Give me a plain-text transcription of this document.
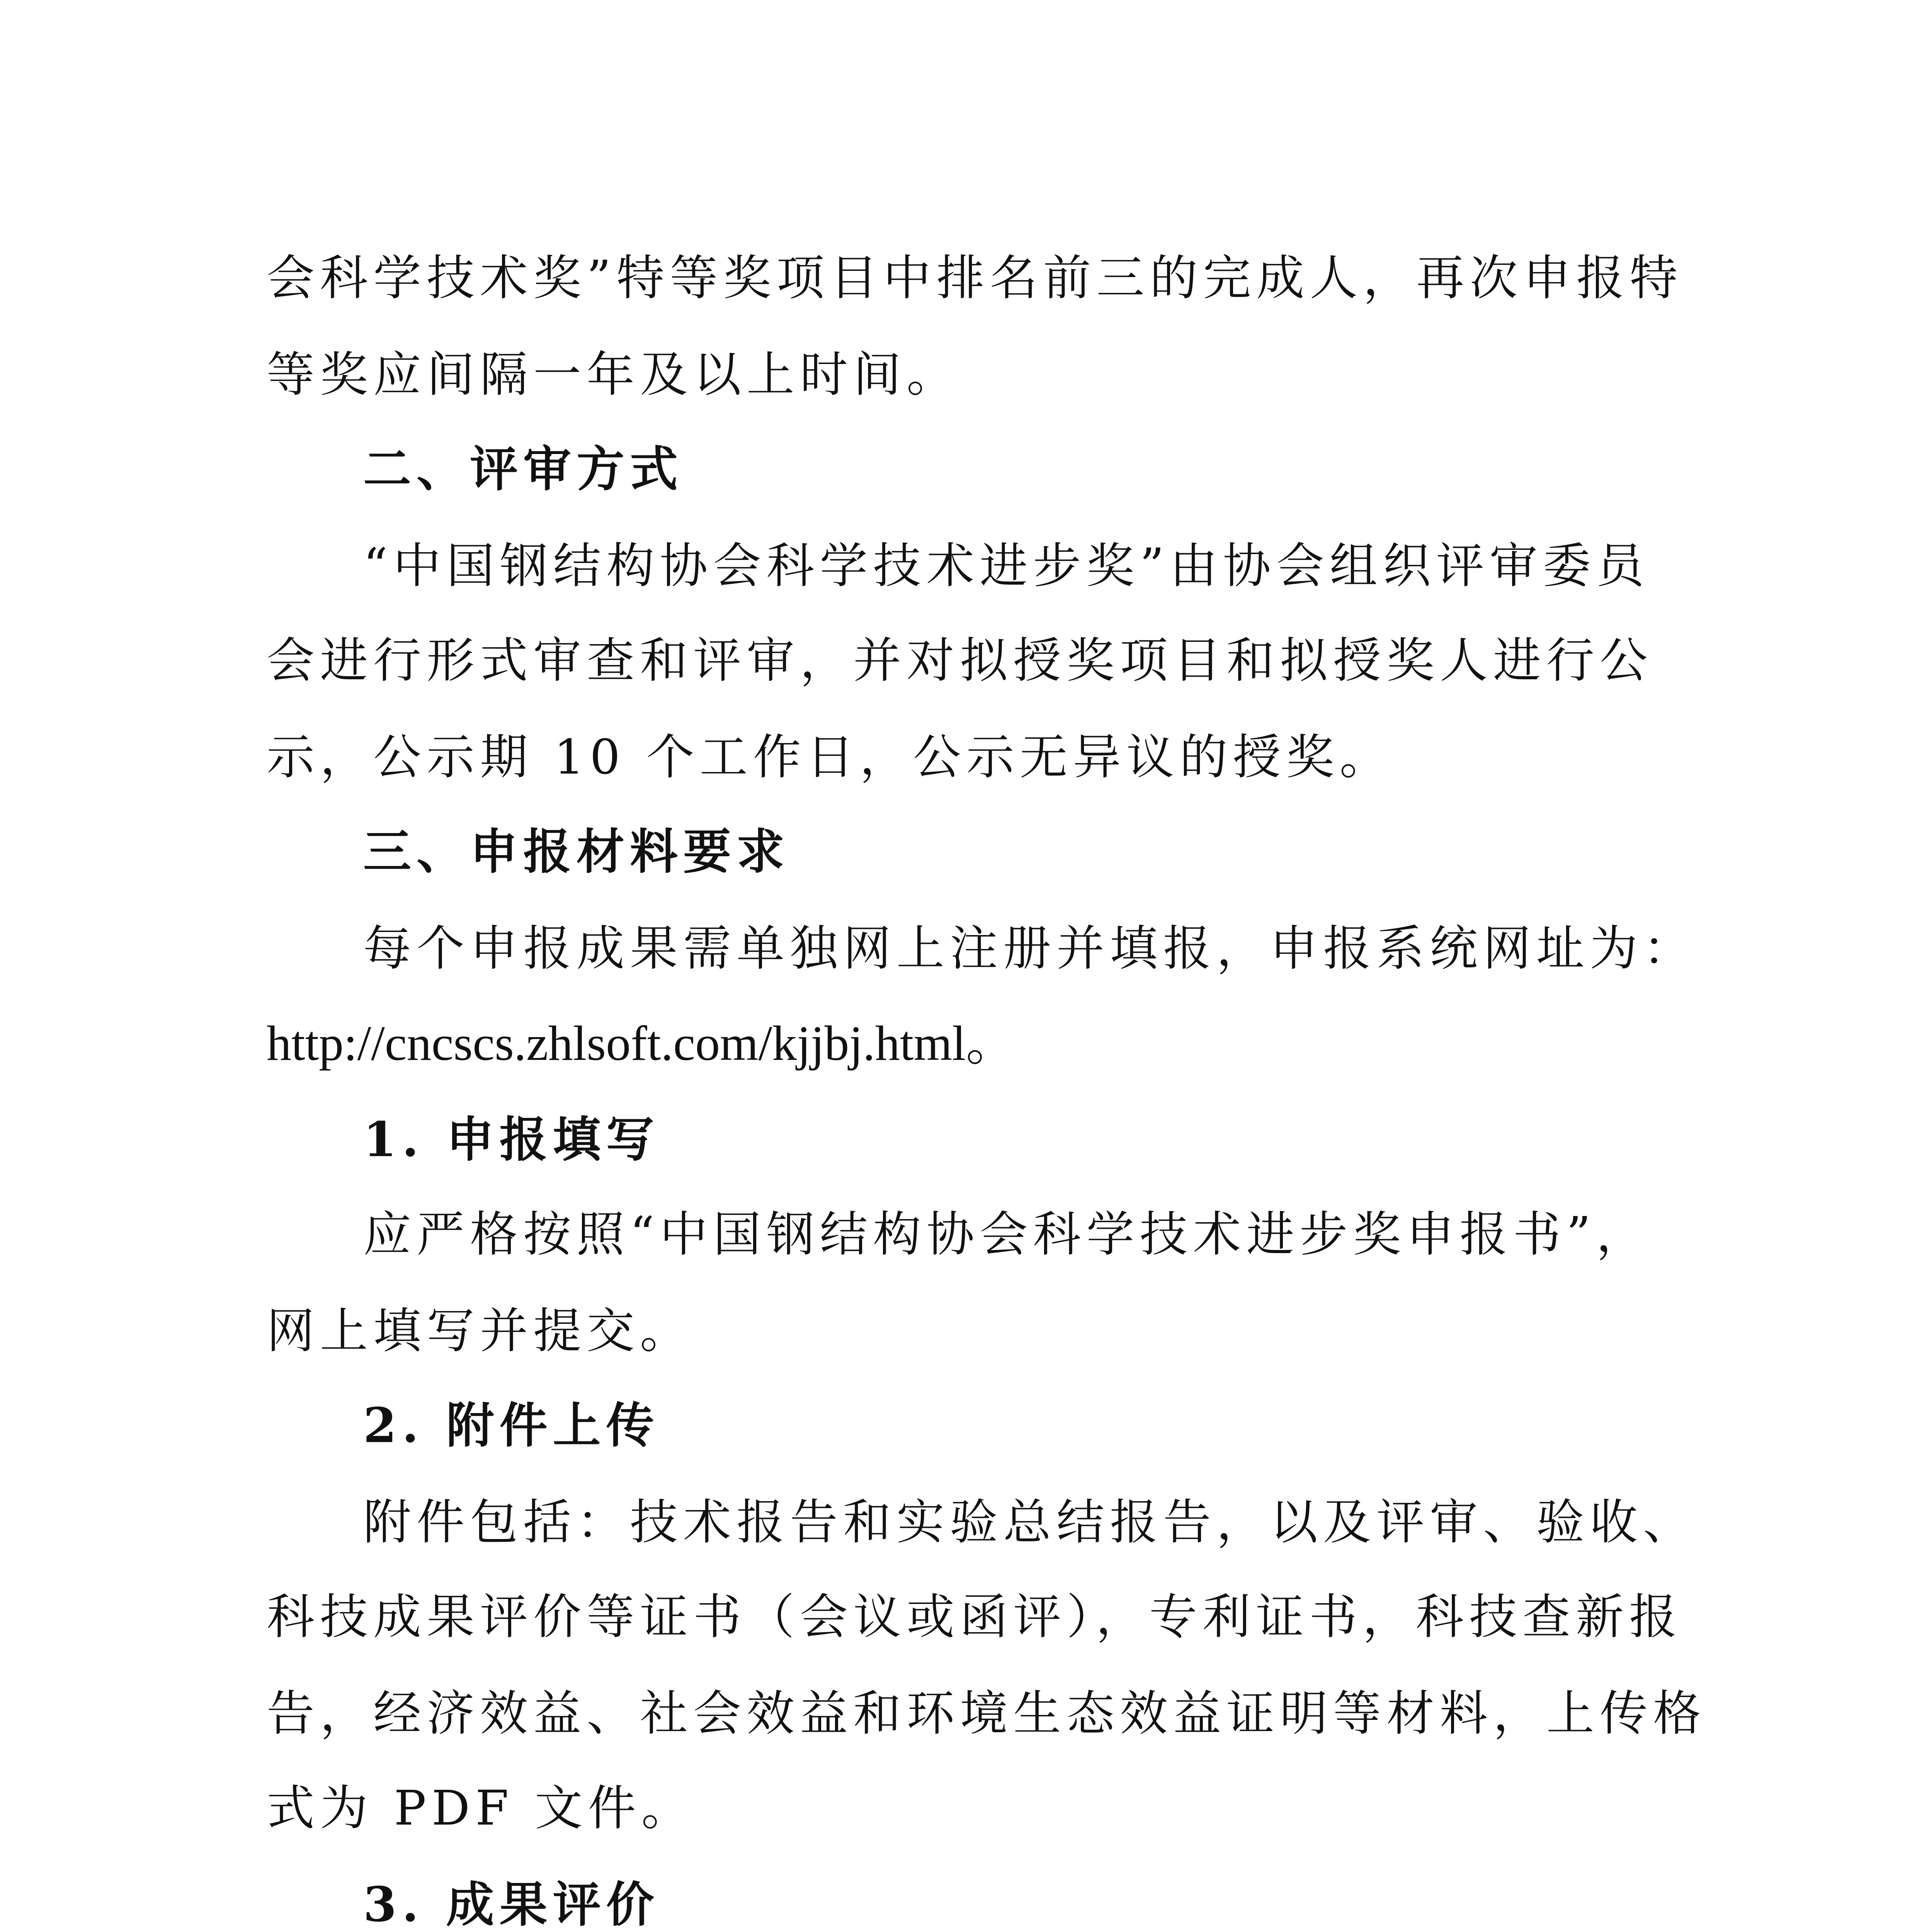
会科学技术奖”特等奖项目中排名前三的完成人，再次申报特
等奖应间隔一年及以上时间。
二、评审方式
“中国钢结构协会科学技术进步奖”由协会组织评审委员
会进行形式审查和评审，并对拟授奖项目和拟授奖人进行公
示，公示期 10 个工作日，公示无异议的授奖。
三、申报材料要求
每个申报成果需单独网上注册并填报，申报系统网址为：
http://cncscs.zhlsoft.com/kjjbj.html。
1. 申报填写
应严格按照“中国钢结构协会科学技术进步奖申报书”，
网上填写并提交。
2. 附件上传
附件包括：技术报告和实验总结报告，以及评审、验收、
科技成果评价等证书（会议或函评），专利证书，科技查新报
告，经济效益、社会效益和环境生态效益证明等材料，上传格
式为 PDF 文件。
3. 成果评价
